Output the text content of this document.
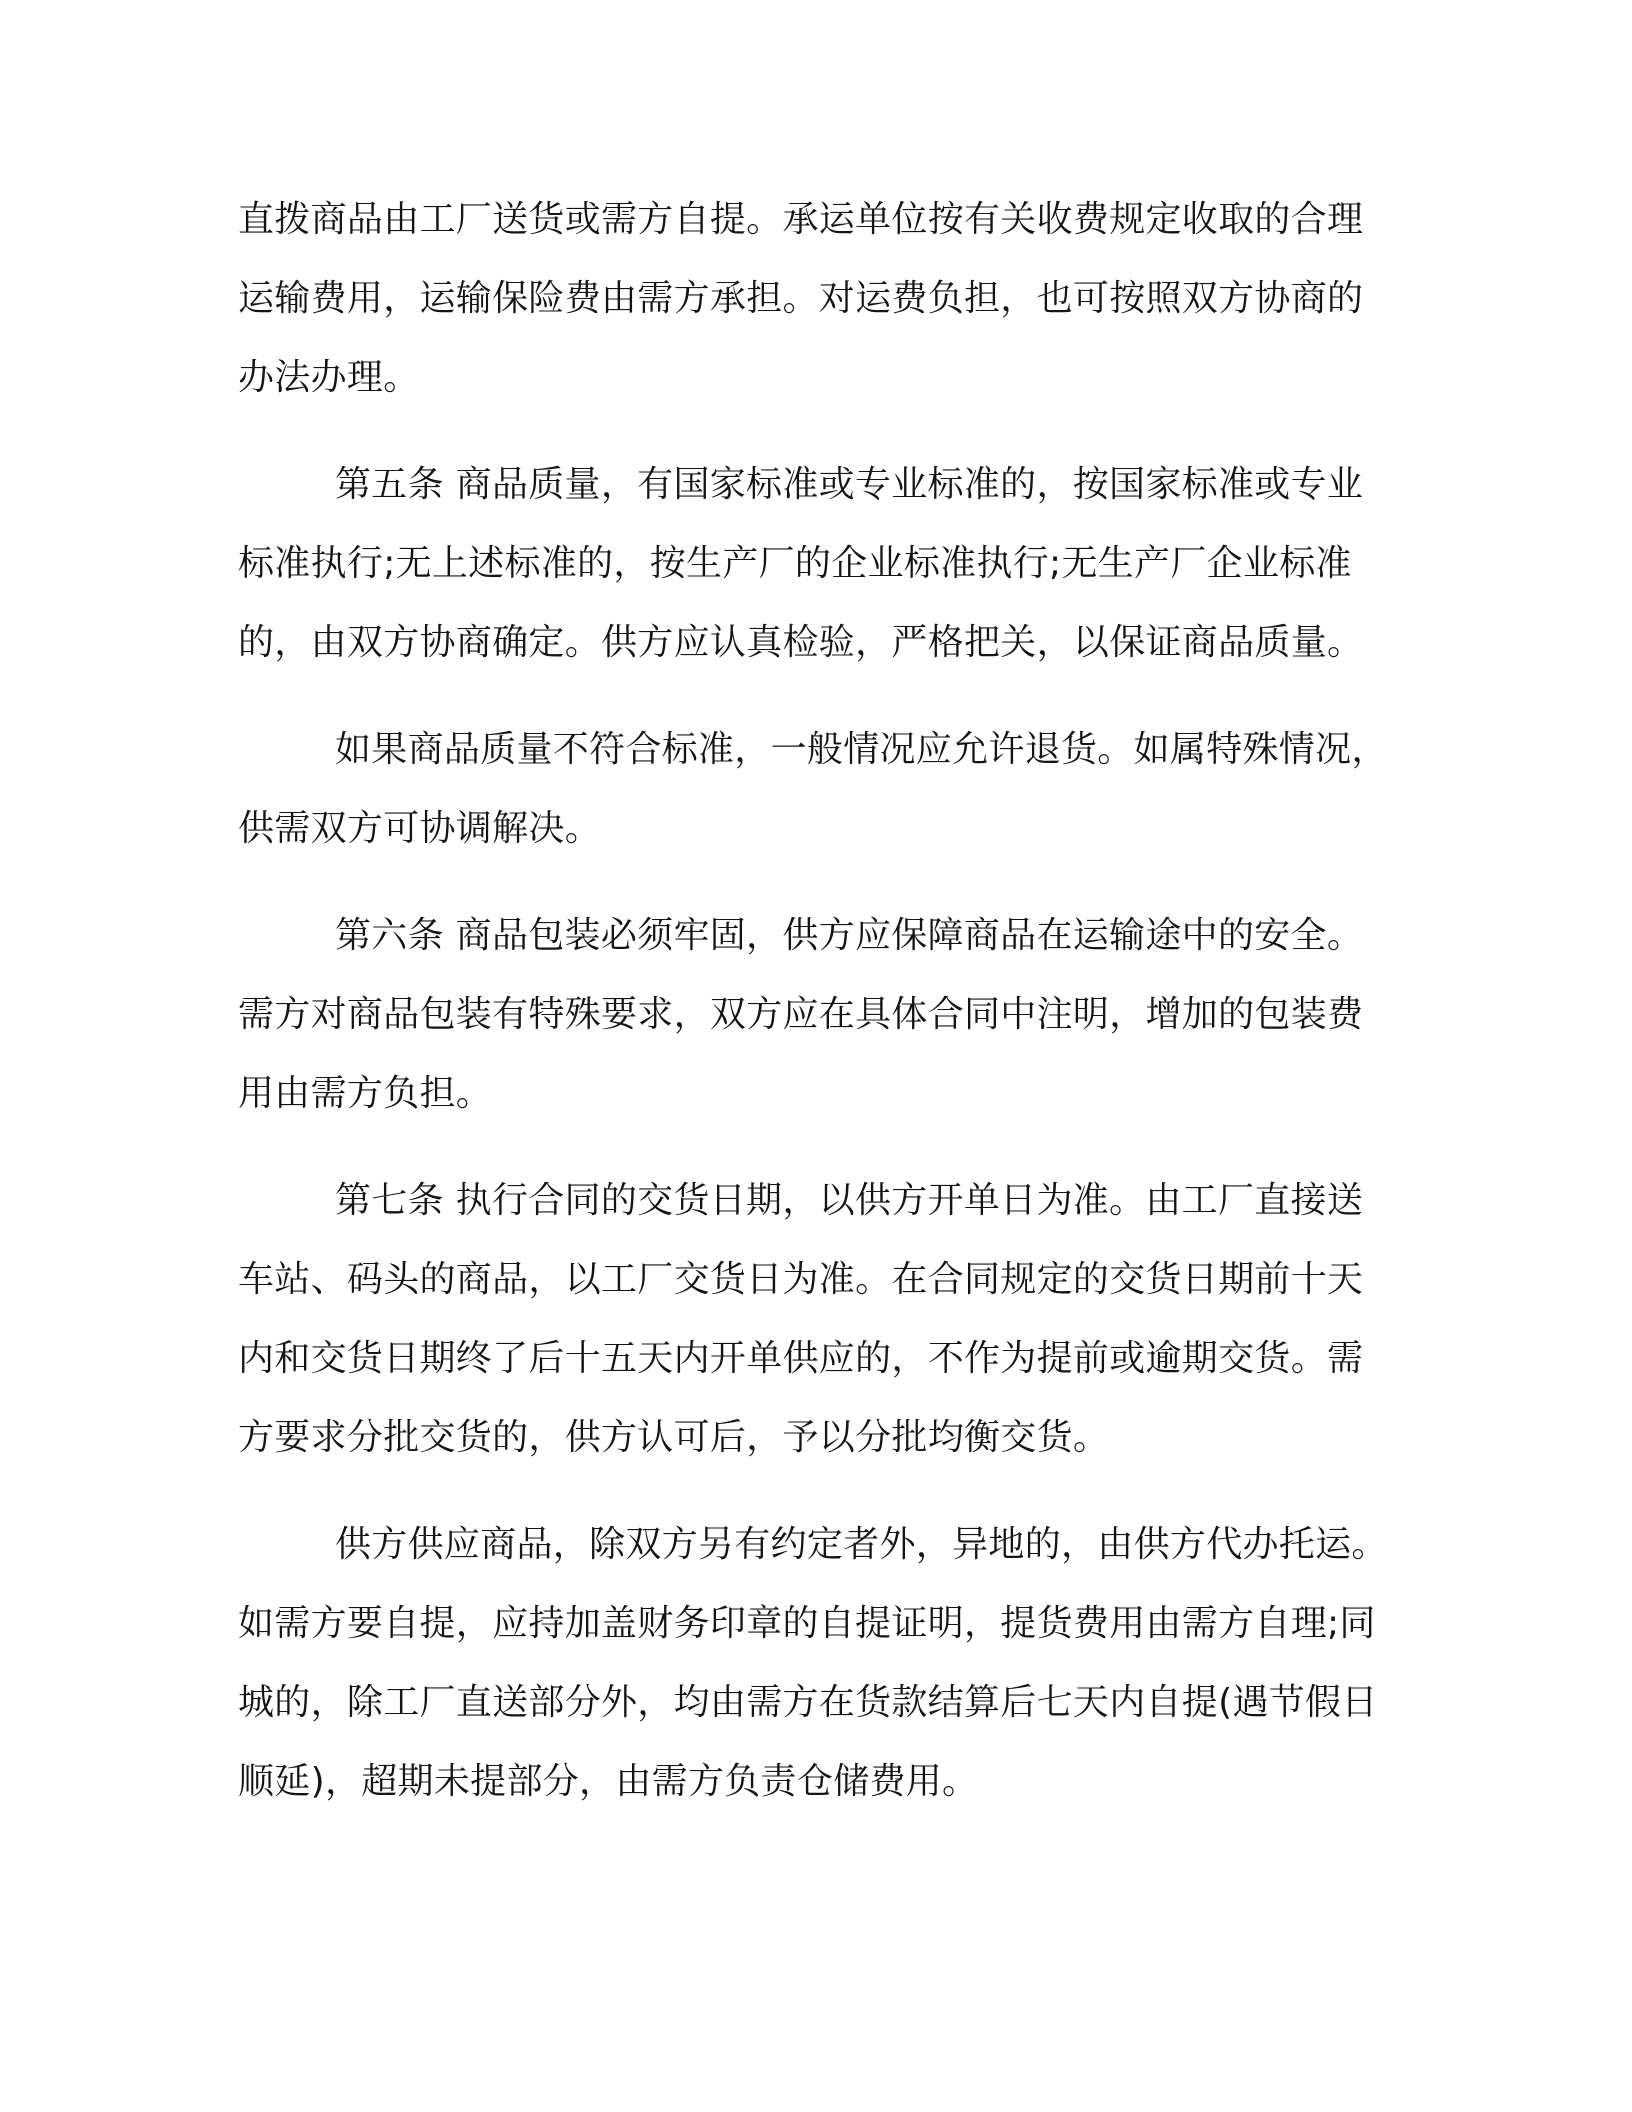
直拨商品由工厂送货或需方自提。承运单位按有关收费规定收取的合理运输费用，运输保险费由需方承担。对运费负担，也可按照双方协商的办法办理。

第五条 商品质量，有国家标准或专业标准的，按国家标准或专业标准执行;无上述标准的，按生产厂的企业标准执行;无生产厂企业标准的，由双方协商确定。供方应认真检验，严格把关，以保证商品质量。

如果商品质量不符合标准，一般情况应允许退货。如属特殊情况，供需双方可协调解决。

第六条 商品包装必须牢固，供方应保障商品在运输途中的安全。需方对商品包装有特殊要求，双方应在具体合同中注明，增加的包装费用由需方负担。

第七条 执行合同的交货日期，以供方开单日为准。由工厂直接送车站、码头的商品，以工厂交货日为准。在合同规定的交货日期前十天内和交货日期终了后十五天内开单供应的，不作为提前或逾期交货。需方要求分批交货的，供方认可后，予以分批均衡交货。

供方供应商品，除双方另有约定者外，异地的，由供方代办托运。如需方要自提，应持加盖财务印章的自提证明，提货费用由需方自理;同城的，除工厂直送部分外，均由需方在货款结算后七天内自提(遇节假日顺延)，超期未提部分，由需方负责仓储费用。
